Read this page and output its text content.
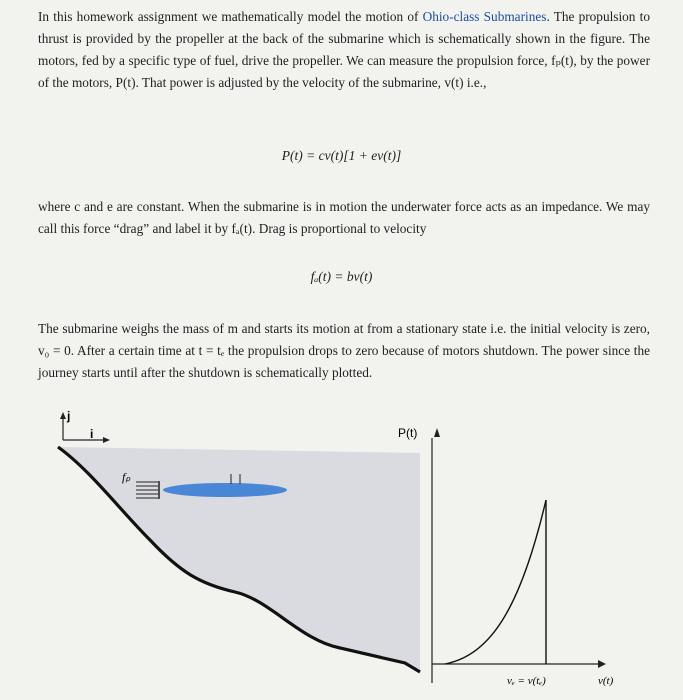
In this homework assignment we mathematically model the motion of Ohio-class Submarines. The propulsion to thrust is provided by the propeller at the back of the submarine which is schematically shown in the figure. The motors, fed by a specific type of fuel, drive the propeller. We can measure the propulsion force, fₚ(t), by the power of the motors, P(t). That power is adjusted by the velocity of the submarine, v(t) i.e.,

P(t) = cv(t)[1 + ev(t)]

where c and e are constant. When the submarine is in motion the underwater force acts as an impedance. We may call this force “drag” and label it by fₐ(t). Drag is proportional to velocity

fₐ(t) = bv(t)

The submarine weighs the mass of m and starts its motion at from a stationary state i.e. the initial velocity is zero, v₀ = 0. After a certain time at t = tₑ the propulsion drops to zero because of motors shutdown. The power since the journey starts until after the shutdown is schematically plotted.

j
i
fₚ
P(t)
vₑ = v(tₑ)	v(t)
